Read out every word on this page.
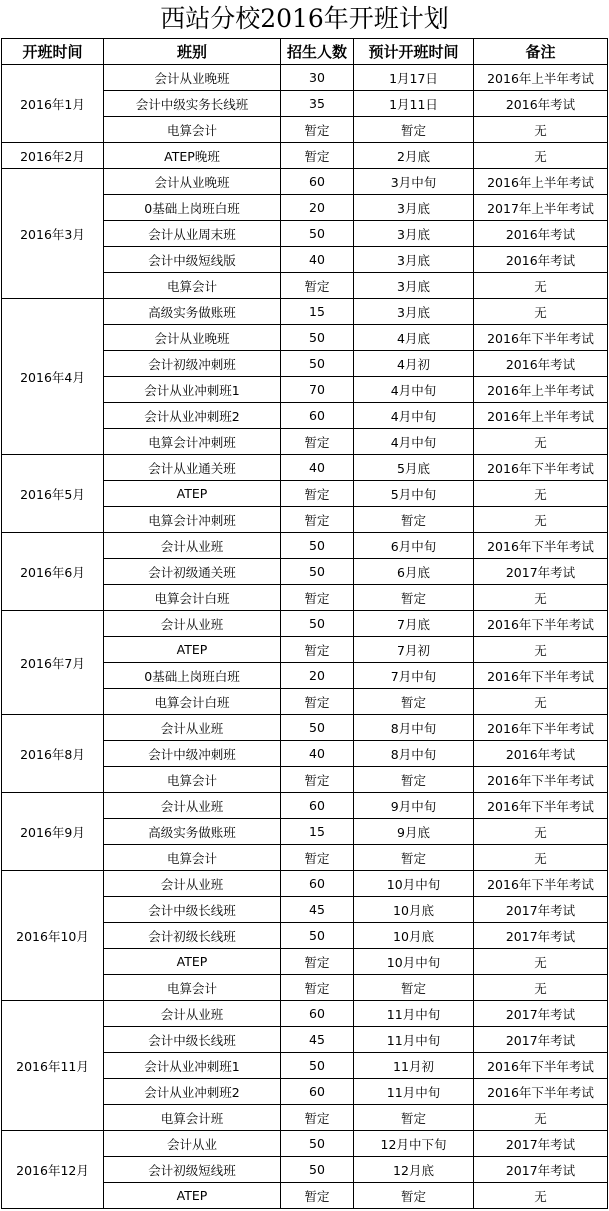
西站分校2016年开班计划
开班时间	班别	招生人数	预计开班时间	备注
2016年1月	会计从业晚班	30	1月17日	2016年上半年考试
	会计中级实务长线班	35	1月11日	2016年考试
	电算会计	暂定	暂定	无
2016年2月	ATEP晚班	暂定	2月底	无
2016年3月	会计从业晚班	60	3月中旬	2016年上半年考试
	0基础上岗班白班	20	3月底	2017年上半年考试
	会计从业周末班	50	3月底	2016年考试
	会计中级短线版	40	3月底	2016年考试
	电算会计	暂定	3月底	无
2016年4月	高级实务做账班	15	3月底	无
	会计从业晚班	50	4月底	2016年下半年考试
	会计初级冲刺班	50	4月初	2016年考试
	会计从业冲刺班1	70	4月中旬	2016年上半年考试
	会计从业冲刺班2	60	4月中旬	2016年上半年考试
	电算会计冲刺班	暂定	4月中旬	无
2016年5月	会计从业通关班	40	5月底	2016年下半年考试
	ATEP	暂定	5月中旬	无
	电算会计冲刺班	暂定	暂定	无
2016年6月	会计从业班	50	6月中旬	2016年下半年考试
	会计初级通关班	50	6月底	2017年考试
	电算会计白班	暂定	暂定	无
2016年7月	会计从业班	50	7月底	2016年下半年考试
	ATEP	暂定	7月初	无
	0基础上岗班白班	20	7月中旬	2016年下半年考试
	电算会计白班	暂定	暂定	无
2016年8月	会计从业班	50	8月中旬	2016年下半年考试
	会计中级冲刺班	40	8月中旬	2016年考试
	电算会计	暂定	暂定	2016年下半年考试
2016年9月	会计从业班	60	9月中旬	2016年下半年考试
	高级实务做账班	15	9月底	无
	电算会计	暂定	暂定	无
2016年10月	会计从业班	60	10月中旬	2016年下半年考试
	会计中级长线班	45	10月底	2017年考试
	会计初级长线班	50	10月底	2017年考试
	ATEP	暂定	10月中旬	无
	电算会计	暂定	暂定	无
2016年11月	会计从业班	60	11月中旬	2017年考试
	会计中级长线班	45	11月中旬	2017年考试
	会计从业冲刺班1	50	11月初	2016年下半年考试
	会计从业冲刺班2	60	11月中旬	2016年下半年考试
	电算会计班	暂定	暂定	无
2016年12月	会计从业	50	12月中下旬	2017年考试
	会计初级短线班	50	12月底	2017年考试
	ATEP	暂定	暂定	无
